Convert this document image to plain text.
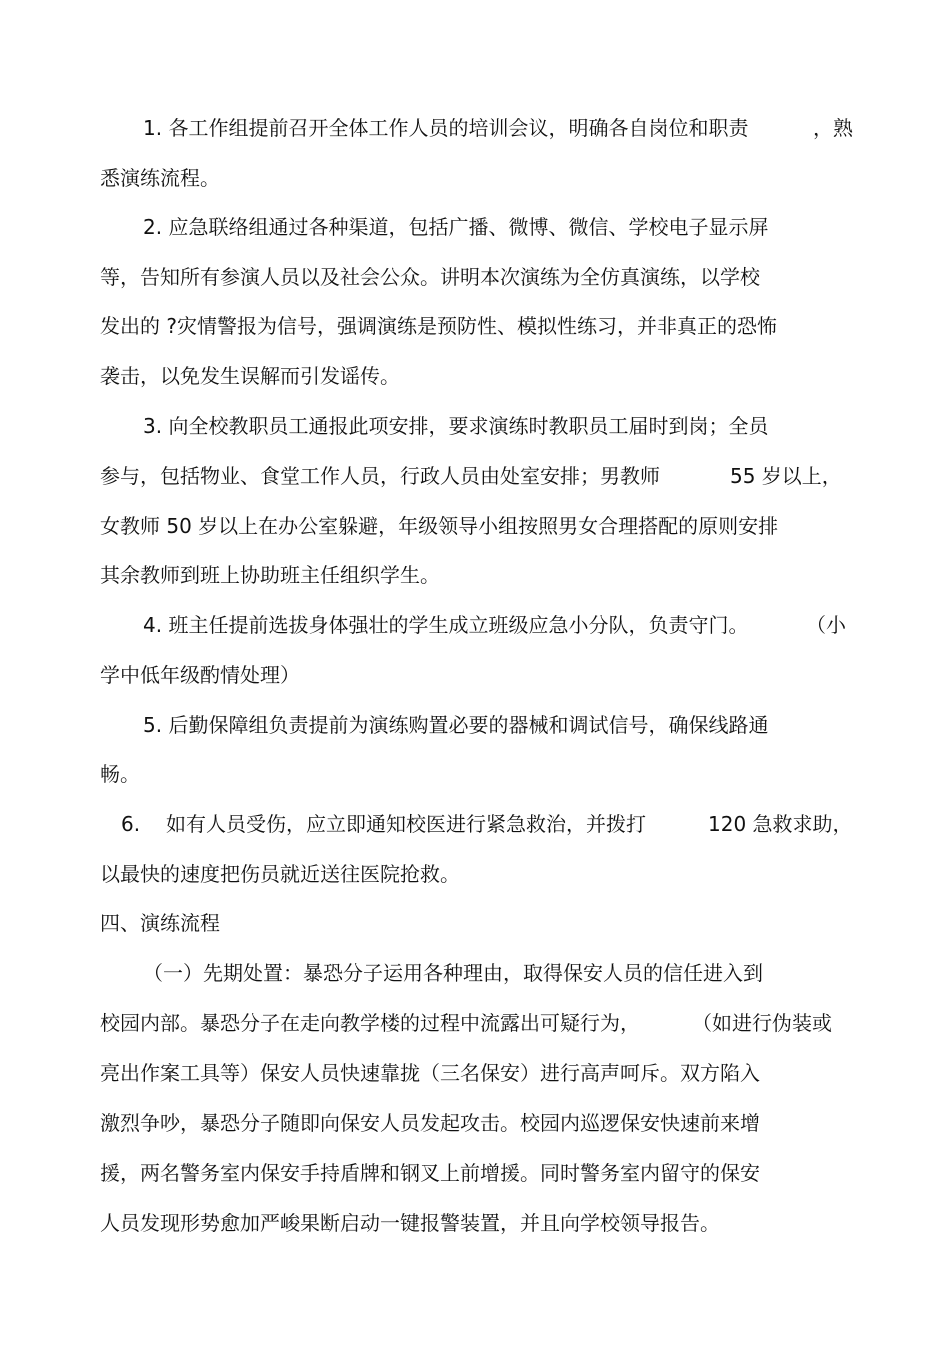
1. 各工作组提前召开全体工作人员的培训会议，明确各自岗位和职责	，熟
悉演练流程。
2. 应急联络组通过各种渠道，包括广播、微博、微信、学校电子显示屏
等，告知所有参演人员以及社会公众。讲明本次演练为全仿真演练，以学校
发出的 ?灾情警报为信号，强调演练是预防性、模拟性练习，并非真正的恐怖
袭击，以免发生误解而引发谣传。
3. 向全校教职员工通报此项安排，要求演练时教职员工届时到岗；全员
参与，包括物业、食堂工作人员，行政人员由处室安排；男教师	55 岁以上，
女教师 50 岁以上在办公室躲避，年级领导小组按照男女合理搭配的原则安排
其余教师到班上协助班主任组织学生。
4. 班主任提前选拔身体强壮的学生成立班级应急小分队，负责守门。	（小
学中低年级酌情处理）
5. 后勤保障组负责提前为演练购置必要的器械和调试信号，确保线路通
畅。
6. 如有人员受伤，应立即通知校医进行紧急救治，并拨打	120 急救求助，
以最快的速度把伤员就近送往医院抢救。
四、演练流程
（一）先期处置：暴恐分子运用各种理由，取得保安人员的信任进入到
校园内部。暴恐分子在走向教学楼的过程中流露出可疑行为，	（如进行伪装或
亮出作案工具等）保安人员快速靠拢（三名保安）进行高声呵斥。双方陷入
激烈争吵，暴恐分子随即向保安人员发起攻击。校园内巡逻保安快速前来增
援，两名警务室内保安手持盾牌和钢叉上前增援。同时警务室内留守的保安
人员发现形势愈加严峻果断启动一键报警装置，并且向学校领导报告。
